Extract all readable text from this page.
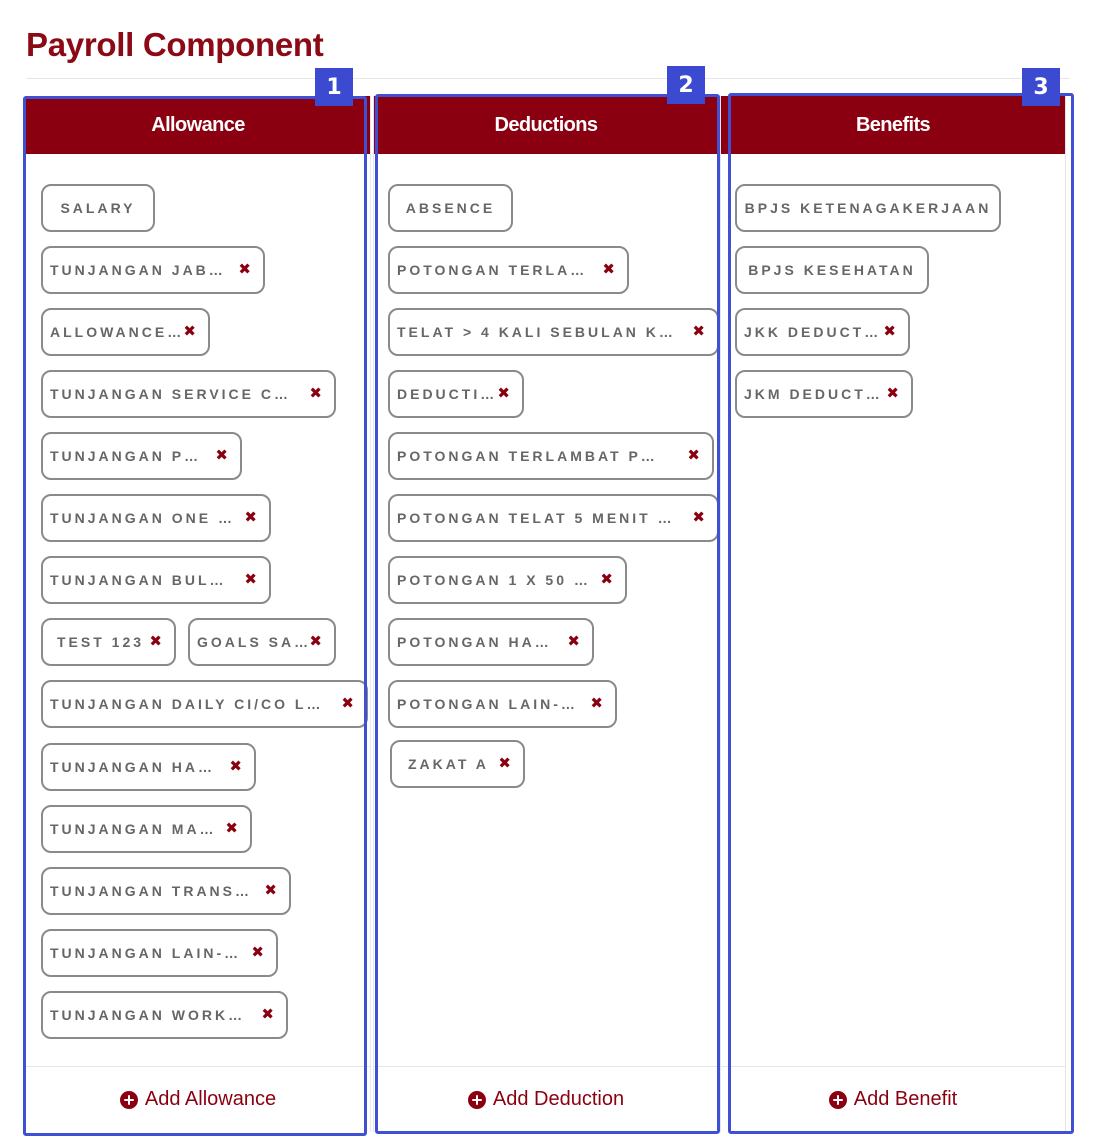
Payroll Component
Allowance
SALARY
TUNJANGAN JAB… ✖
ALLOWANCE… ✖
TUNJANGAN SERVICE C… ✖
TUNJANGAN P… ✖
TUNJANGAN ONE … ✖
TUNJANGAN BUL… ✖
TEST 123 ✖	GOALS SA…
✖
TUNJANGAN DAILY CI/CO L… ✖
TUNJANGAN HA… ✖
TUNJANGAN MA… ✖
TUNJANGAN TRANS… ✖
TUNJANGAN LAIN-… ✖
TUNJANGAN WORK… ✖
Add Allowance
Deductions
ABSENCE
POTONGAN TERLA… ✖
TELAT > 4 KALI SEBULAN K… ✖
DEDUCTI… ✖
POTONGAN TERLAMBAT P… ✖
POTONGAN TELAT 5 MENIT … ✖
POTONGAN 1 X 50 … ✖
POTONGAN HA… ✖
POTONGAN LAIN-… ✖
ZAKAT A ✖
Add Deduction
Benefits
BPJS KETENAGAKERJAAN
BPJS KESEHATAN
JKK DEDUCT… ✖
JKM DEDUCT… ✖
Add Benefit
1	2	3
